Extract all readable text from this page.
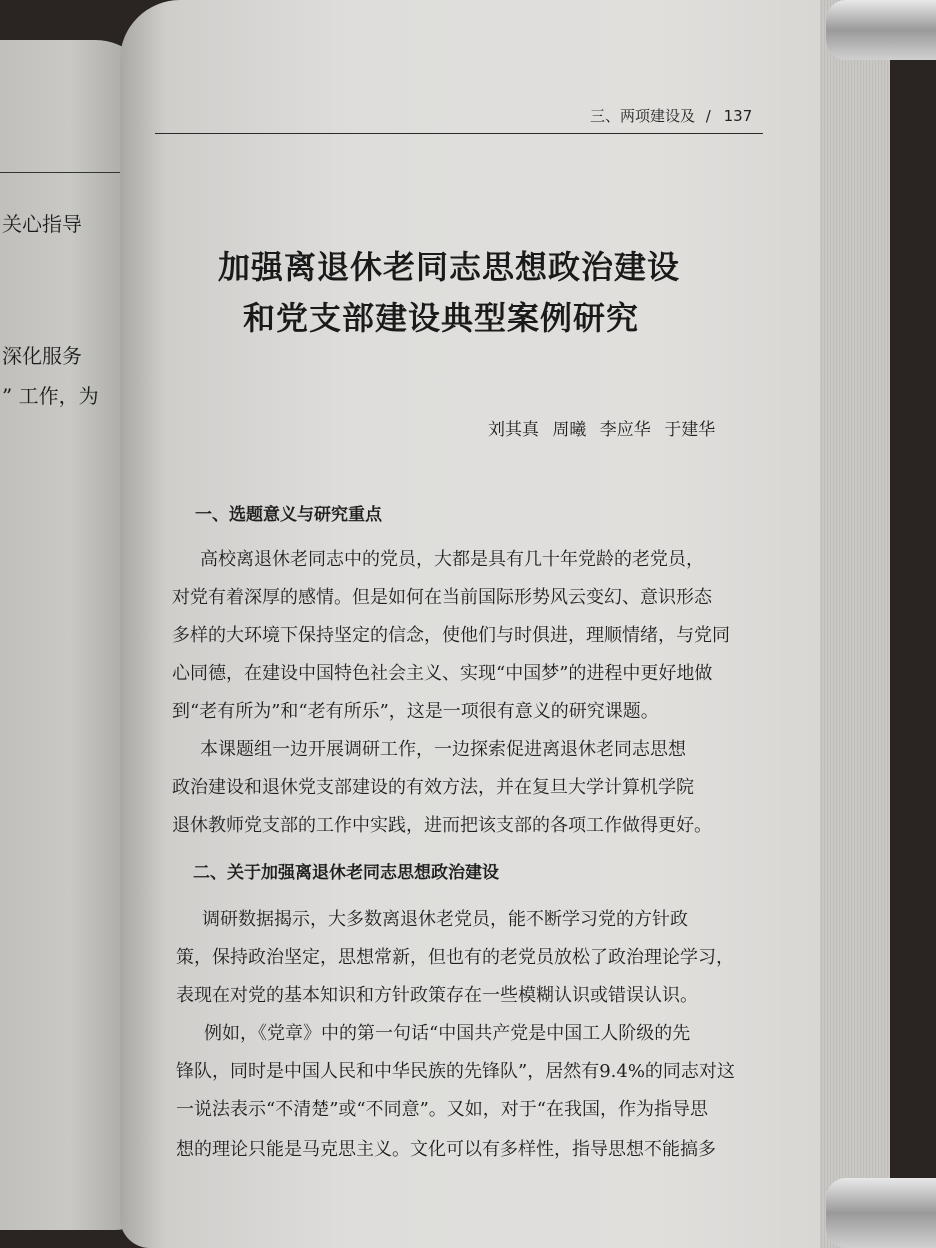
关心指导
深化服务
” 工作，为
三、两项建设及 / 137
加强离退休老同志思想政治建设
和党支部建设典型案例研究
刘其真 周曦 李应华 于建华
一、选题意义与研究重点
高校离退休老同志中的党员，大都是具有几十年党龄的老党员，
对党有着深厚的感情。但是如何在当前国际形势风云变幻、意识形态
多样的大环境下保持坚定的信念，使他们与时俱进，理顺情绪，与党同
心同德，在建设中国特色社会主义、实现“中国梦”的进程中更好地做
到“老有所为”和“老有所乐”，这是一项很有意义的研究课题。
本课题组一边开展调研工作，一边探索促进离退休老同志思想
政治建设和退休党支部建设的有效方法，并在复旦大学计算机学院
退休教师党支部的工作中实践，进而把该支部的各项工作做得更好。
二、关于加强离退休老同志思想政治建设
调研数据揭示，大多数离退休老党员，能不断学习党的方针政
策，保持政治坚定，思想常新，但也有的老党员放松了政治理论学习，
表现在对党的基本知识和方针政策存在一些模糊认识或错误认识。
例如，《党章》中的第一句话“中国共产党是中国工人阶级的先
锋队，同时是中国人民和中华民族的先锋队”，居然有9.4%的同志对这
一说法表示“不清楚”或“不同意”。又如，对于“在我国，作为指导思
想的理论只能是马克思主义。文化可以有多样性，指导思想不能搞多
